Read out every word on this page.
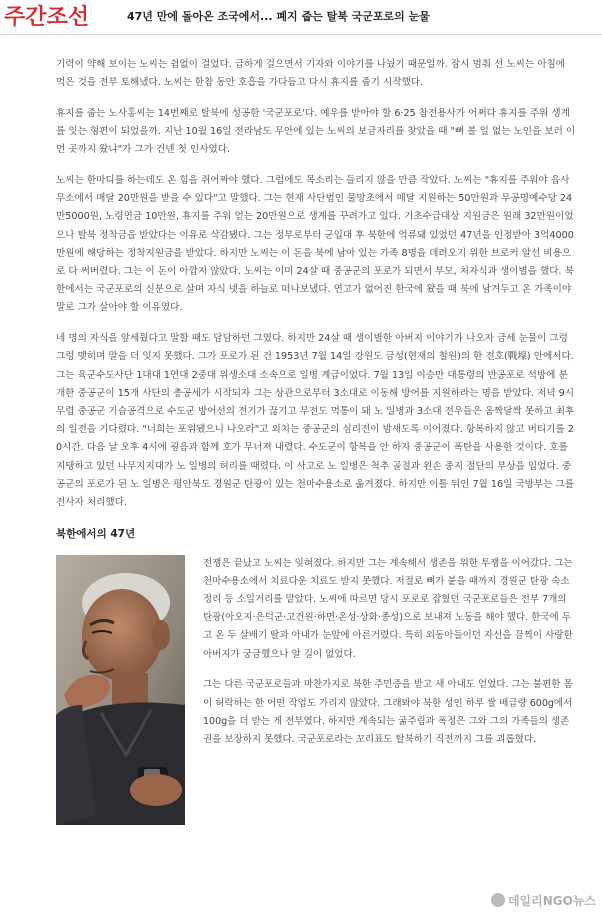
주간조선	47년 만에 돌아온 조국에서... 폐지 줍는 탈북 국군포로의 눈물

기력이 약해 보이는 노씨는 쉼없이 걸었다. 급하게 걸으면서 기자와 이야기를 나눴기 때문일까. 잠시 멈춰 선 노씨는 아침에 먹은 것을 전부 토해냈다. 노씨는 한참 동안 호흡을 가다듬고 다시 휴지를 줍기 시작했다.

휴지를 줍는 노사홍씨는 14번째로 탈북에 성공한 '국군포로'다. 예우를 받아야 할 6·25 참전용사가 어쩌다 휴지를 주워 생계를 잇는 형편이 되었을까. 지난 10월 16일 전라남도 무안에 있는 노씨의 보금자리를 찾았을 때 "뼈 볼 일 없는 노인을 보러 이 먼 곳까지 왔냐"가 그가 건넨 첫 인사였다.

노씨는 한마디를 하는데도 온 힘을 쥐어짜야 했다. 그럼에도 목소리는 들리지 않을 만큼 작았다. 노씨는 "휴지를 주워야 읍사무소에서 매달 20만원을 받을 수 있다"고 말했다. 그는 현재 사단법인 물망초에서 매달 지원하는 50만원과 무공명예수당 24만5000원, 노령연금 10만원, 휴지를 주워 얻는 20만원으로 생계를 꾸려가고 있다. 기초수급대상 지원금은 원래 32만원이었으나 탈북 정착금을 받았다는 이유로 삭감됐다. 그는 정부로부터 군입대 후 북한에 억류돼 있었던 47년을 인정받아 3억4000만원에 해당하는 정착지원금을 받았다. 하지만 노씨는 이 돈을 북에 남아 있는 가족 8명을 데려오기 위한 브로커 알선 비용으로 다 써버렸다. 그는 이 돈이 아깝지 않았다. 노씨는 이미 24살 때 중공군의 포로가 되면서 부모, 처자식과 생이별을 했다. 북한에서는 국군포로의 신분으로 살며 자식 넷을 하늘로 떠나보냈다. 연고가 없어진 한국에 왔을 때 북에 남겨두고 온 가족이야말로 그가 살아야 할 이유였다.

네 명의 자식을 앞세웠다고 말할 때도 담담하던 그였다. 하지만 24살 때 생이별한 아버지 이야기가 나오자 금세 눈물이 그렁그렁 맺히며 말을 더 잇지 못했다. 그가 포로가 된 건 1953년 7월 14일 강원도 금성(현재의 철원)의 한 전호(戰壕) 안에서다. 그는 육군수도사단 1대대 1연대 2중대 위생소대 소속으로 일병 계급이었다. 7월 13일 이승만 대통령의 반공포로 석방에 분개한 중공군이 15개 사단의 총공세가 시작되자 그는 상관으로부터 3소대로 이동해 방어를 지원하라는 명을 받았다. 저녁 9시 무렵 중공군 기습공격으로 수도군 방어선의 전기가 끊기고 무전도 먹통이 돼 노 일병과 3소대 전우들은 옴짝달싹 못하고 최후의 일전을 기다렸다. "너희는 포위됐으니 나오라"고 외치는 중공군의 심리전이 밤새도록 이어졌다. 항복하지 않고 버티기를 20시간. 다음 날 오후 4시에 굉음과 함께 호가 무너져 내렸다. 수도군이 항복을 안 하자 중공군이 폭탄을 사용한 것이다. 호를 지탱하고 있던 나무지지대가 노 일병의 허리를 때렸다. 이 사고로 노 일병은 척추 골절과 왼손 중지 절단의 부상을 입었다. 중공군의 포로가 된 노 일병은 평안북도 경원군 탄광이 있는 천마수용소로 옮겨졌다. 하지만 이틀 뒤인 7월 16일 국방부는 그를 전사자 처리했다.

북한에서의 47년

전쟁은 끝났고 노씨는 잊혀졌다. 하지만 그는 계속해서 생존을 위한 투쟁을 이어갔다. 그는 천마수용소에서 치료다운 치료도 받지 못했다. 저절로 뼈가 붙을 때까지 경원군 탄광 숙소 정리 등 소일거리를 맡았다. 노씨에 따르면 당시 포로로 잡혔던 국군포로들은 전부 7개의 탄광(아오지·은덕군·고건원·하면·온성·상화·종성)으로 보내져 노동을 해야 했다. 한국에 두고 온 두 살배기 딸과 아내가 눈앞에 아른거렸다. 특히 외동아들이던 자신을 끔찍이 사랑한 아버지가 궁금했으나 알 길이 없었다.

그는 다른 국군포로들과 마찬가지로 북한 주민증을 받고 새 아내도 얻었다. 그는 불편한 몸이 허락하는 한 어떤 작업도 가리지 않았다. 그래봐야 북한 성인 하루 쌀 배급량 600g에서 100g을 더 받는 게 전부였다. 하지만 계속되는 굶주림과 폭정은 그와 그의 가족들의 생존권을 보장하지 못했다. 국군포로라는 꼬리표도 탈북하기 직전까지 그를 괴롭혔다.

데일리NGO뉴스
